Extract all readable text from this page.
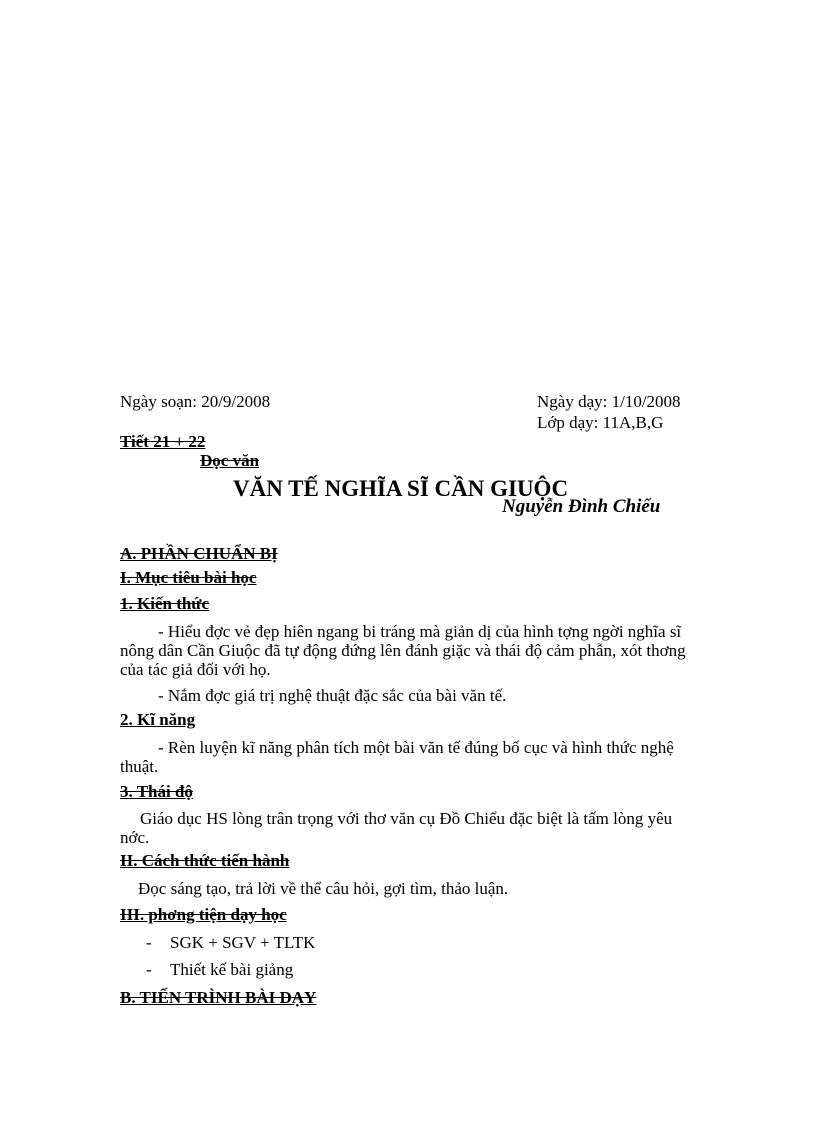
Ngày soạn: 20/9/2008	Ngày dạy: 1/10/2008
Lớp dạy: 11A,B,G
Tiết 21 + 22
Đọc văn
VĂN TẾ NGHĨA SĨ CẦN GIUỘC
Nguyễn Đình Chiểu
A. PHẦN CHUẨN BỊ
I. Mục tiêu bài học
1. Kiến thức
- Hiểu đợc vẻ đẹp hiên ngang bi tráng mà giản dị của hình tợng ngời nghĩa sĩ nông dân Cần Giuộc đã tự động đứng lên đánh giặc và thái độ cảm phẫn, xót thơng của tác giả đối với họ.
- Nắm đợc giá trị nghệ thuật đặc sắc của bài văn tế.
2. Kĩ năng
- Rèn luyện kĩ năng phân tích một bài văn tế đúng bố cục và hình thức nghệ thuật.
3. Thái độ
Giáo dục HS lòng trân trọng với thơ văn cụ Đồ Chiểu đặc biệt là tấm lòng yêu nớc.
II. Cách thức tiến hành
Đọc sáng tạo, trả lời về thể câu hỏi, gợi tìm, thảo luận.
III. phơng tiện dạy học
- SGK + SGV + TLTK
- Thiết kế bài giảng
B. TIẾN TRÌNH BÀI DẠY
